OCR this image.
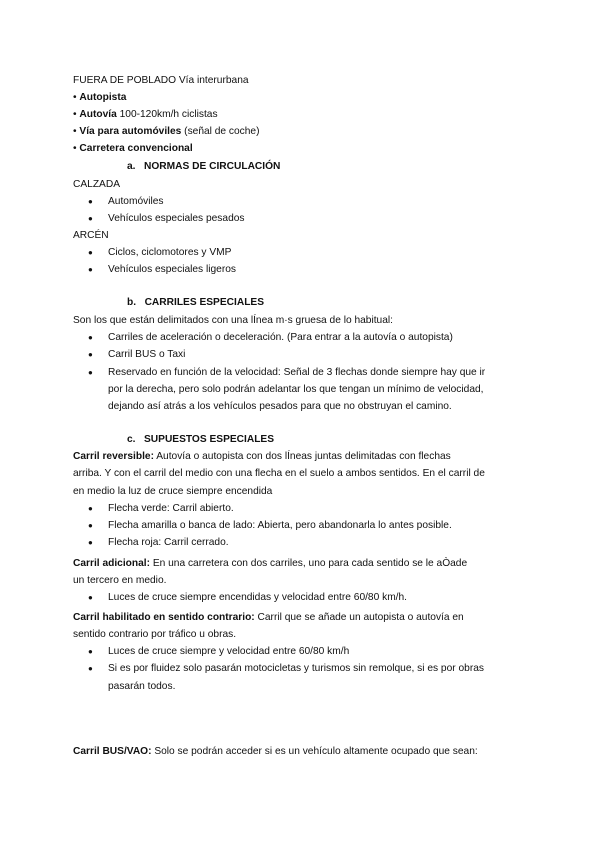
FUERA DE POBLADO Vía interurbana
• Autopista
• Autovía 100-120km/h ciclistas
• Vía para automóviles (señal de coche)
• Carretera convencional
a. NORMAS DE CIRCULACIÓN
CALZADA
● Automóviles
● Vehículos especiales pesados
ARCÉN
● Ciclos, ciclomotores y VMP
● Vehículos especiales ligeros
b. CARRILES ESPECIALES
Son los que están delimitados con una lÍnea m·s gruesa de lo habitual:
● Carriles de aceleración o deceleración. (Para entrar a la autovía o autopista)
● Carril BUS o Taxi
● Reservado en función de la velocidad: Señal de 3 flechas donde siempre hay que ir
por la derecha, pero solo podrán adelantar los que tengan un mínimo de velocidad,
dejando así atrás a los vehículos pesados para que no obstruyan el camino.
c. SUPUESTOS ESPECIALES
Carril reversible: Autovía o autopista con dos lÍneas juntas delimitadas con flechas
arriba. Y con el carril del medio con una flecha en el suelo a ambos sentidos. En el carril de
en medio la luz de cruce siempre encendida
● Flecha verde: Carril abierto.
● Flecha amarilla o banca de lado: Abierta, pero abandonarla lo antes posible.
● Flecha roja: Carril cerrado.
Carril adicional: En una carretera con dos carriles, uno para cada sentido se le aÒade
un tercero en medio.
● Luces de cruce siempre encendidas y velocidad entre 60/80 km/h.
Carril habilitado en sentido contrario: Carril que se añade un autopista o autovía en
sentido contrario por tráfico u obras.
● Luces de cruce siempre y velocidad entre 60/80 km/h
● Si es por fluidez solo pasarán motocicletas y turismos sin remolque, si es por obras
pasarán todos.
Carril BUS/VAO: Solo se podrán acceder si es un vehículo altamente ocupado que sean:
